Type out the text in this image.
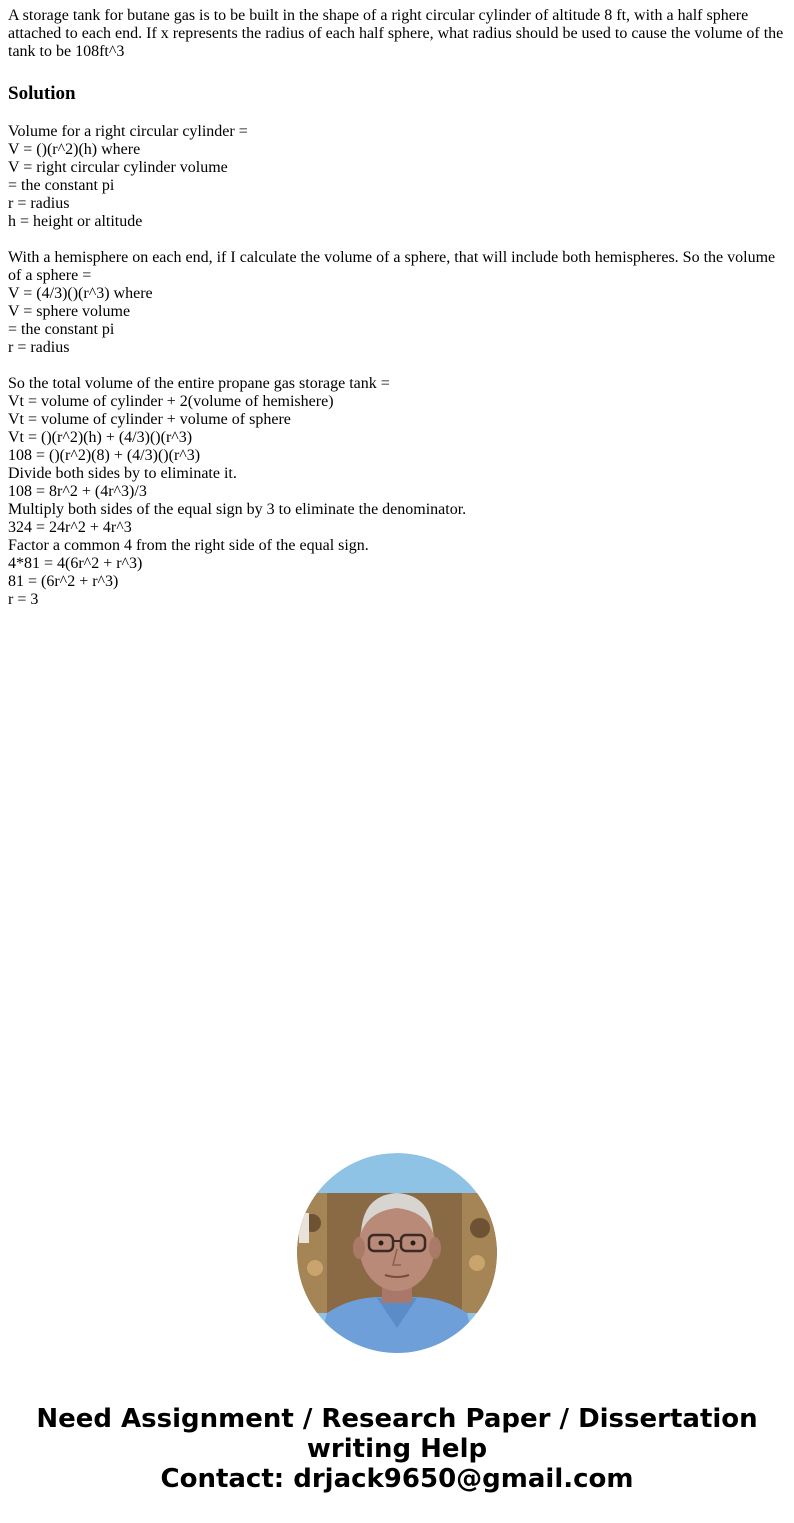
A storage tank for butane gas is to be built in the shape of a right circular cylinder of altitude 8 ft, with a half sphere attached to each end. If x represents the radius of each half sphere, what radius should be used to cause the volume of the tank to be 108ft^3

Solution

Volume for a right circular cylinder =

V = ()(r^2)(h) where

V = right circular cylinder volume

= the constant pi

r = radius

h = height or altitude

With a hemisphere on each end, if I calculate the volume of a sphere, that will include both hemispheres. So the volume of a sphere =

V = (4/3)()(r^3) where

V = sphere volume

= the constant pi

r = radius

So the total volume of the entire propane gas storage tank =

Vt = volume of cylinder + 2(volume of hemishere)

Vt = volume of cylinder + volume of sphere

Vt = ()(r^2)(h) + (4/3)()(r^3)

108 = ()(r^2)(8) + (4/3)()(r^3)

Divide both sides by to eliminate it.

108 = 8r^2 + (4r^3)/3

Multiply both sides of the equal sign by 3 to eliminate the denominator.

324 = 24r^2 + 4r^3

Factor a common 4 from the right side of the equal sign.

4*81 = 4(6r^2 + r^3)

81 = (6r^2 + r^3)

r = 3

Need Assignment / Research Paper / Dissertation
writing Help
Contact: drjack9650@gmail.com
